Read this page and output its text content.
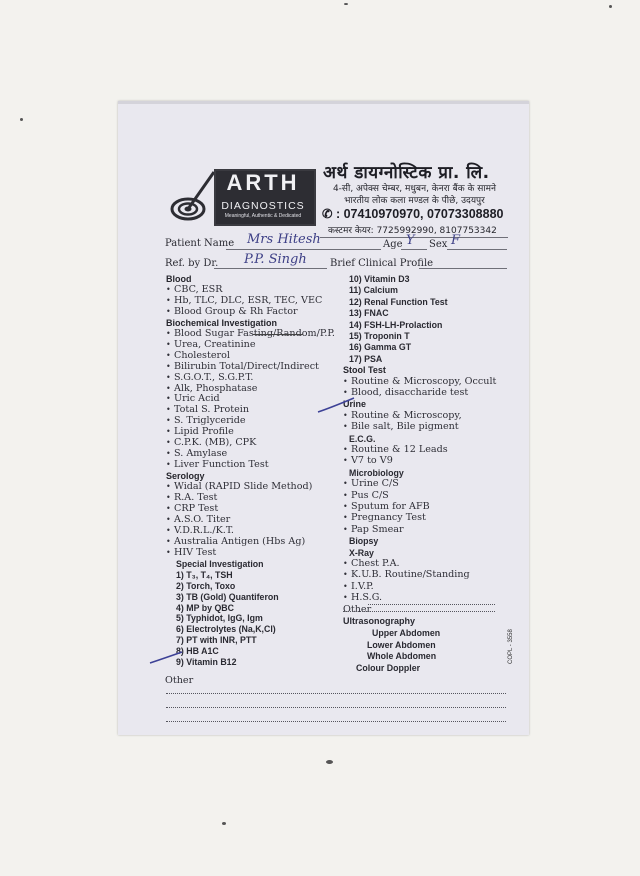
ARTH
DIAGNOSTICS
Meaningful, Authentic & Dedicated
अर्थ डायग्नोस्टिक प्रा. लि.
4-सी, अपेक्स चेम्बर, मधुबन, केनरा बैंक के सामने
भारतीय लोक कला मण्डल के पीछे, उदयपुर
✆ : 07410970970, 07073308880
कस्टमर केयर: 7725992990, 8107753342
Patient Name Mrs Hitesh	Age Y Sex F
Ref. by Dr. P.P. Singh Brief Clinical Profile
Blood
• CBC, ESR
• Hb, TLC, DLC, ESR, TEC, VEC
• Blood Group & Rh Factor
Biochemical Investigation
• Blood Sugar Fasting/Random/P.P.
• Urea, Creatinine
• Cholesterol
• Bilirubin Total/Direct/Indirect
• S.G.O.T., S.G.P.T.
• Alk, Phosphatase
• Uric Acid
• Total S. Protein
• S. Triglyceride
• Lipid Profile
• C.P.K. (MB), CPK
• S. Amylase
• Liver Function Test
Serology
• Widal (RAPID Slide Method)
• R.A. Test
• CRP Test
• A.S.O. Titer
• V.D.R.L./K.T.
• Australia Antigen (Hbs Ag)
• HIV Test
Special Investigation
1) T₃, T₄, TSH
2) Torch, Toxo
3) TB (Gold) Quantiferon
4) MP by QBC
5) Typhidot, IgG, Igm
6) Electrolytes (Na,K,Cl)
7) PT with INR, PTT
8) HB A1C
9) Vitamin B12
10) Vitamin D3
11) Calcium
12) Renal Function Test
13) FNAC
14) FSH-LH-Prolaction
15) Troponin T
16) Gamma GT
17) PSA
Stool Test
• Routine & Microscopy, Occult
• Blood, disaccharide test
Urine
• Routine & Microscopy,
• Bile salt, Bile pigment
E.C.G.
• Routine & 12 Leads
• V7 to V9
Microbiology
• Urine C/S
• Pus C/S
• Sputum for AFB
• Pregnancy Test
• Pap Smear
Biopsy
X-Ray
• Chest P.A.
• K.U.B. Routine/Standing
• I.V.P.
• H.S.G.
Other
Ultrasonography
Upper Abdomen
Lower Abdomen
Whole Abdomen
Colour Doppler
Other
COPL - 3558
